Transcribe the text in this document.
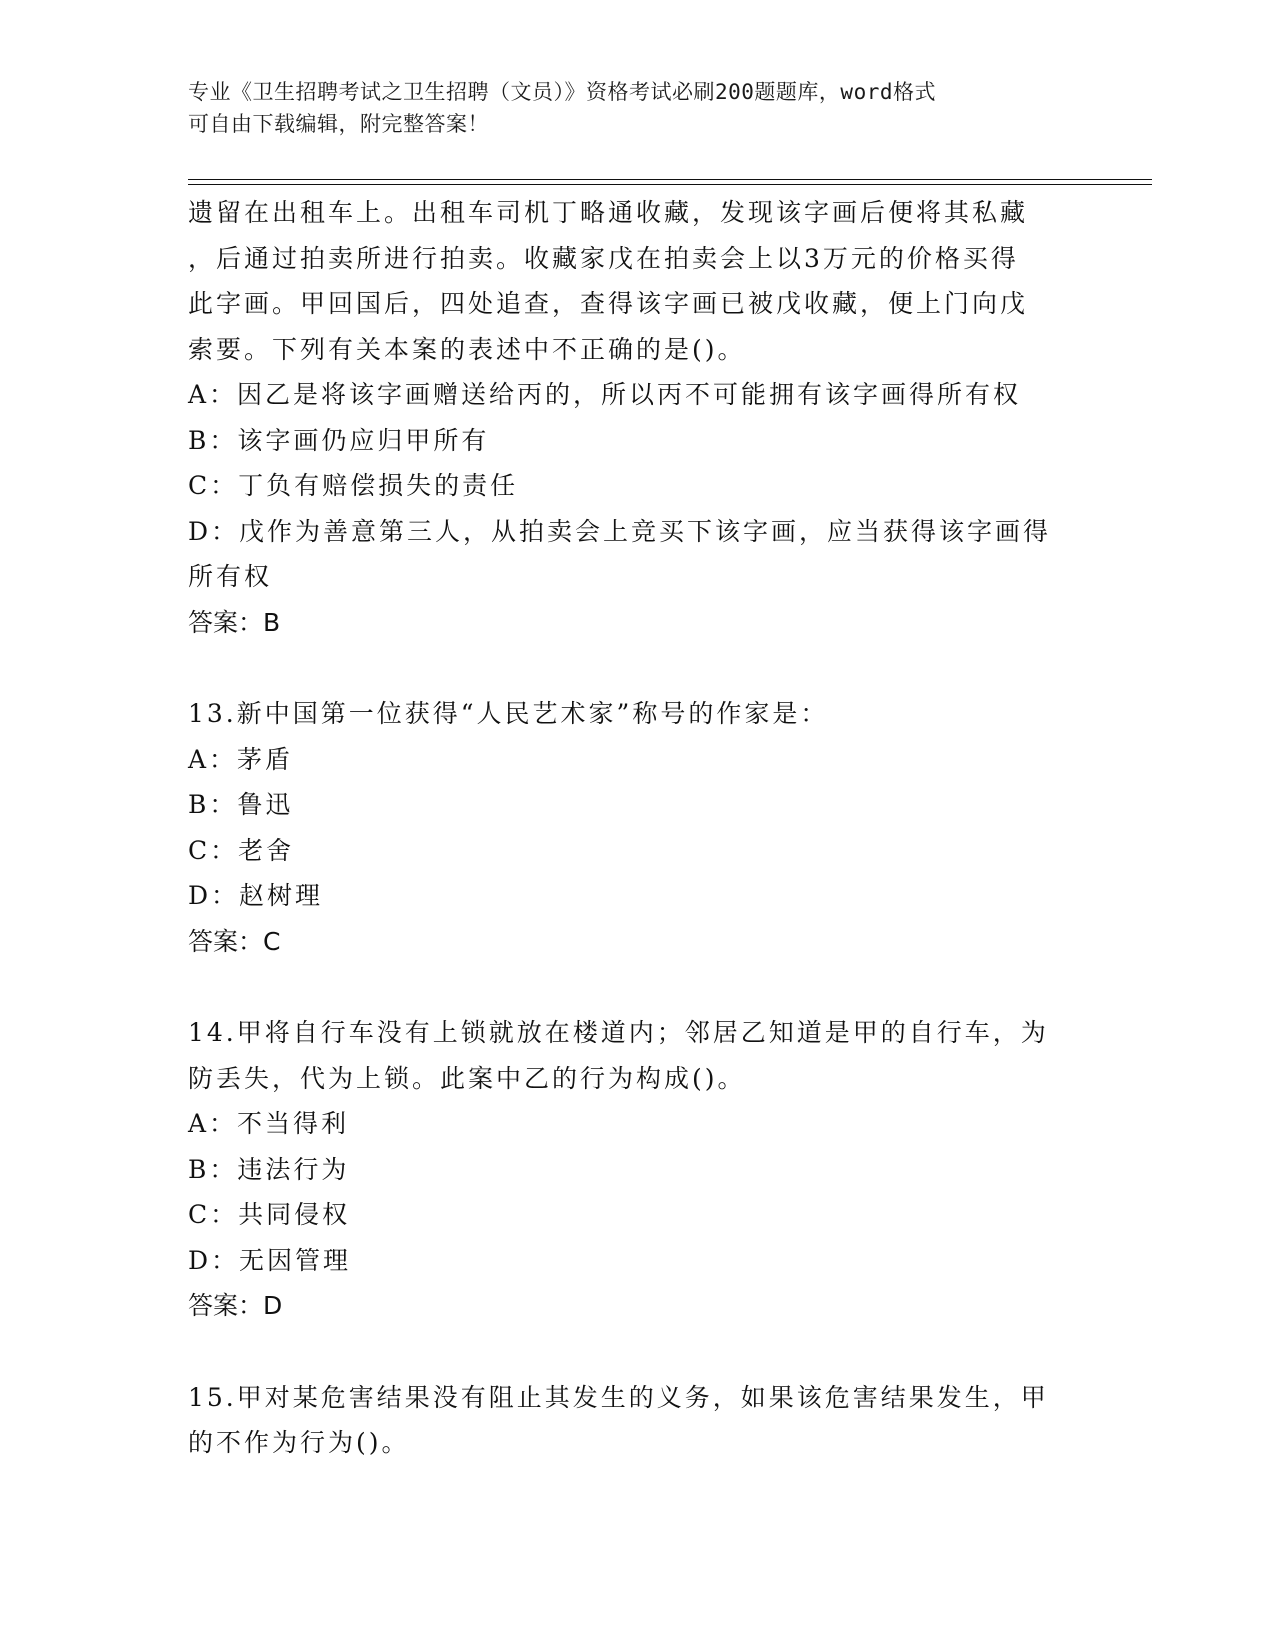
专业《卫生招聘考试之卫生招聘（文员）》资格考试必刷200题题库，word格式
可自由下载编辑，附完整答案！
遗留在出租车上。出租车司机丁略通收藏，发现该字画后便将其私藏
，后通过拍卖所进行拍卖。收藏家戊在拍卖会上以3万元的价格买得
此字画。甲回国后，四处追查，查得该字画已被戊收藏，便上门向戊
索要。下列有关本案的表述中不正确的是()。
A：因乙是将该字画赠送给丙的，所以丙不可能拥有该字画得所有权
B：该字画仍应归甲所有
C：丁负有赔偿损失的责任
D：戊作为善意第三人，从拍卖会上竞买下该字画，应当获得该字画得
所有权
答案：B
13.新中国第一位获得“人民艺术家”称号的作家是：
A：茅盾
B：鲁迅
C：老舍
D：赵树理
答案：C
14.甲将自行车没有上锁就放在楼道内；邻居乙知道是甲的自行车，为
防丢失，代为上锁。此案中乙的行为构成()。
A：不当得利
B：违法行为
C：共同侵权
D：无因管理
答案：D
15.甲对某危害结果没有阻止其发生的义务，如果该危害结果发生，甲
的不作为行为()。
